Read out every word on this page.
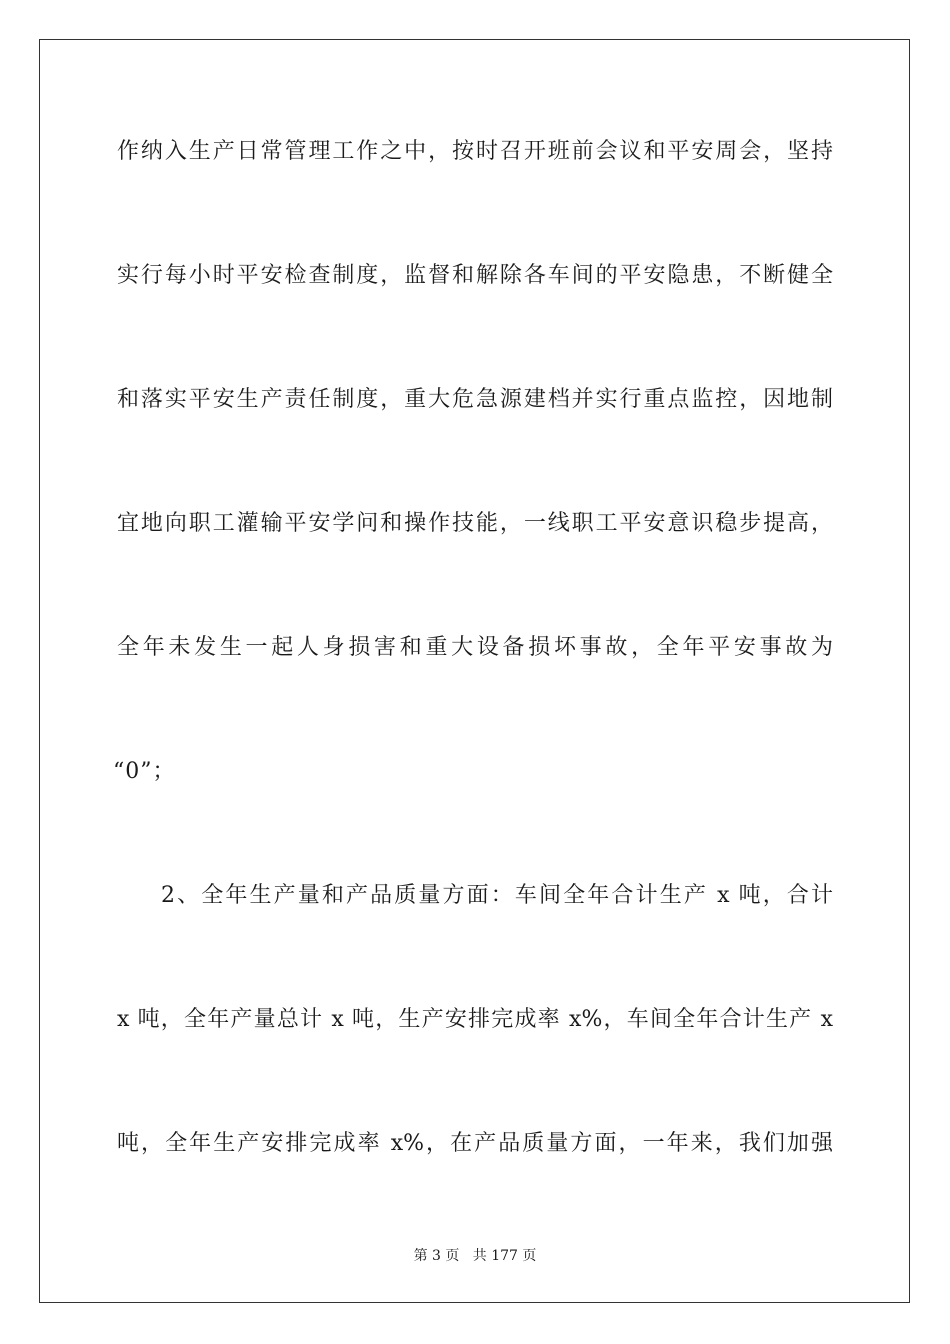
作纳入生产日常管理工作之中，按时召开班前会议和平安周会，坚持
实行每小时平安检查制度，监督和解除各车间的平安隐患，不断健全
和落实平安生产责任制度，重大危急源建档并实行重点监控，因地制
宜地向职工灌输平安学问和操作技能，一线职工平安意识稳步提高，
全年未发生一起人身损害和重大设备损坏事故，全年平安事故为
“0”；
2、全年生产量和产品质量方面：车间全年合计生产 x 吨，合计
x 吨，全年产量总计 x 吨，生产安排完成率 x%，车间全年合计生产 x
吨，全年生产安排完成率 x%，在产品质量方面，一年来，我们加强
第 3 页 共 177 页
